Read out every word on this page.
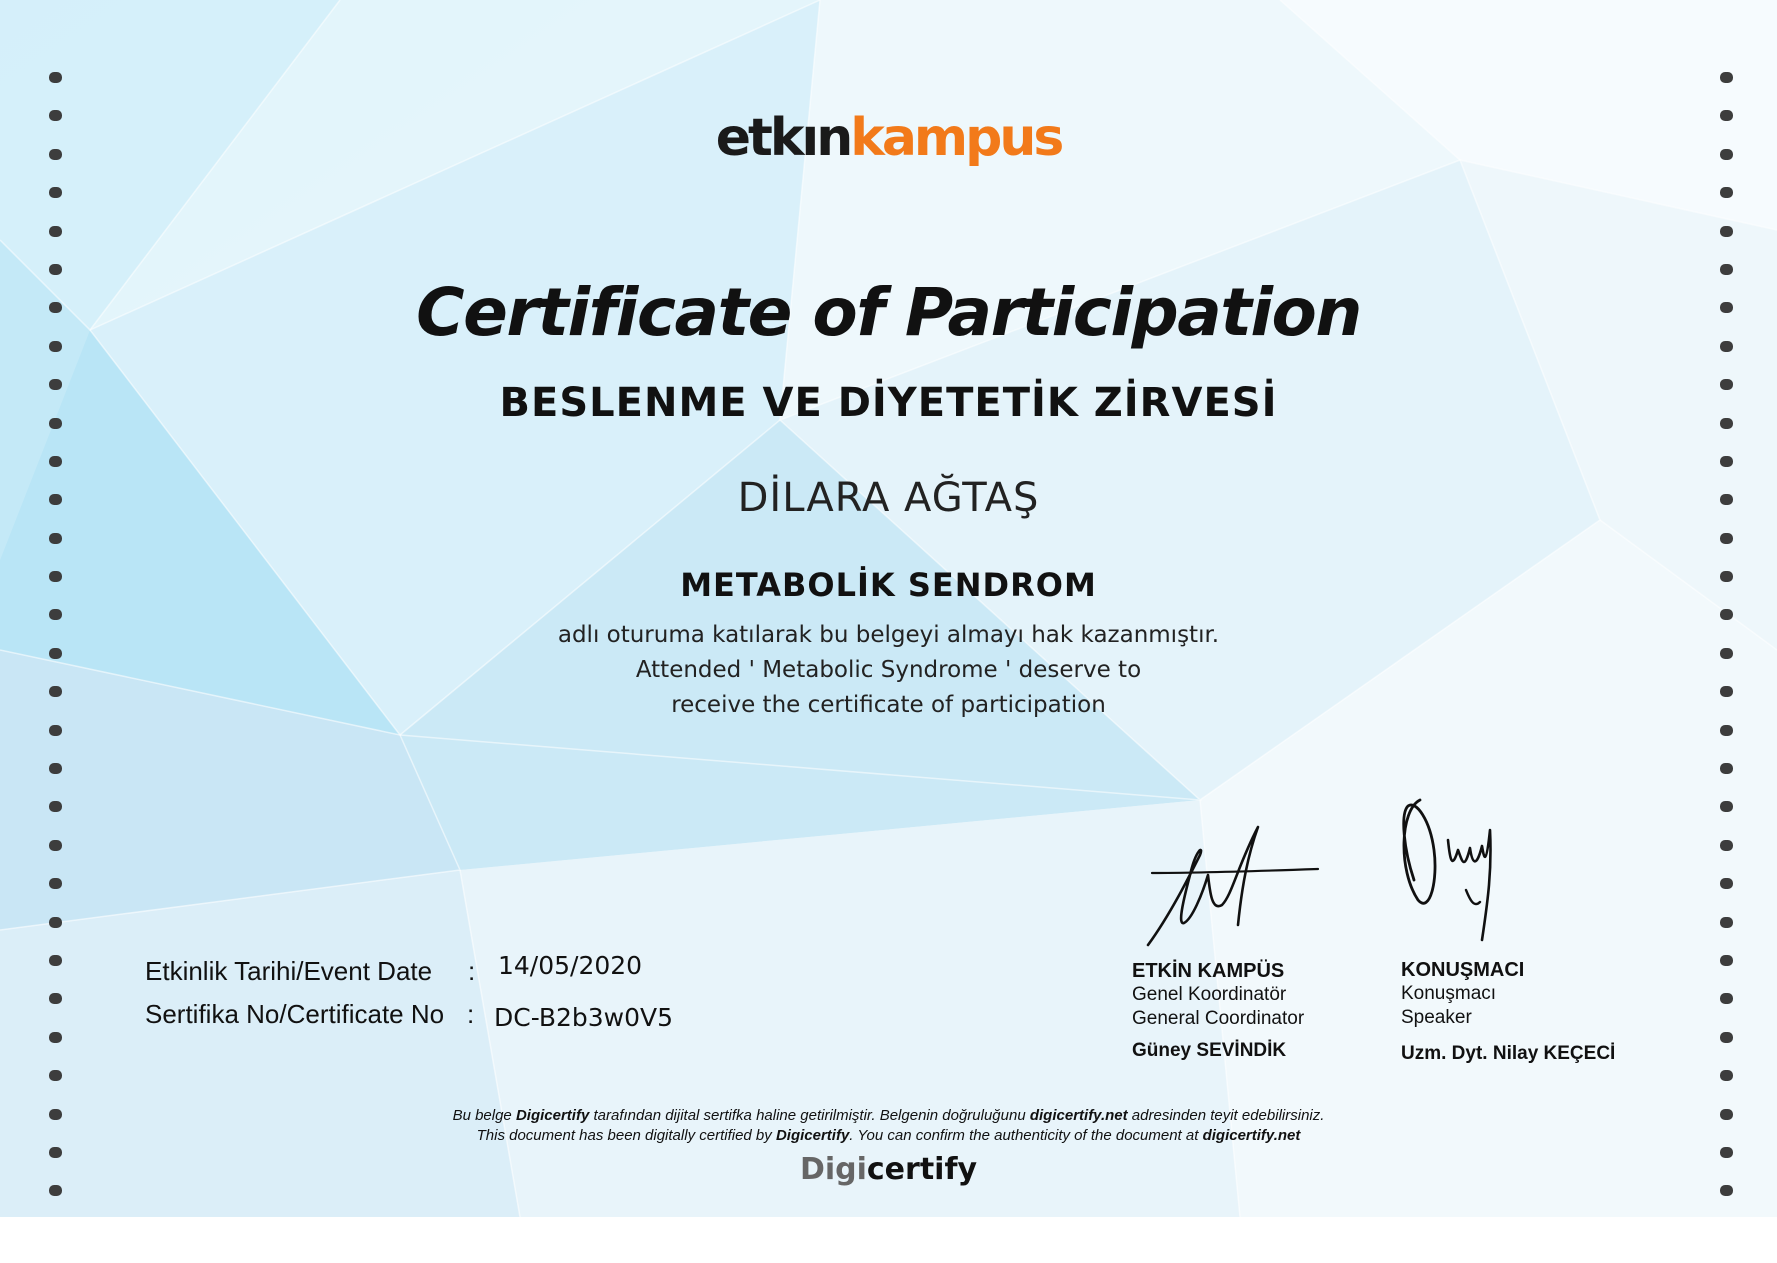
etkınkampus
Certificate of Participation
BESLENME VE DİYETETİK ZİRVESİ
DİLARA AĞTAŞ
METABOLİK SENDROM
adlı oturuma katılarak bu belgeyi almayı hak kazanmıştır.
Attended ' Metabolic Syndrome ' deserve to
receive the certificate of participation
Etkinlik Tarihi/Event Date : 14/05/2020
Sertifika No/Certificate No : DC-B2b3w0V5
ETKİN KAMPÜS
Genel Koordinatör
General Coordinator
Güney SEVİNDİK
KONUŞMACI
Konuşmacı
Speaker
Uzm. Dyt. Nilay KEÇECİ
Bu belge Digicertify tarafından dijital sertifka haline getirilmiştir. Belgenin doğruluğunu digicertify.net adresinden teyit edebilirsiniz.
This document has been digitally certified by Digicertify. You can confirm the authenticity of the document at digicertify.net
Digicertify
